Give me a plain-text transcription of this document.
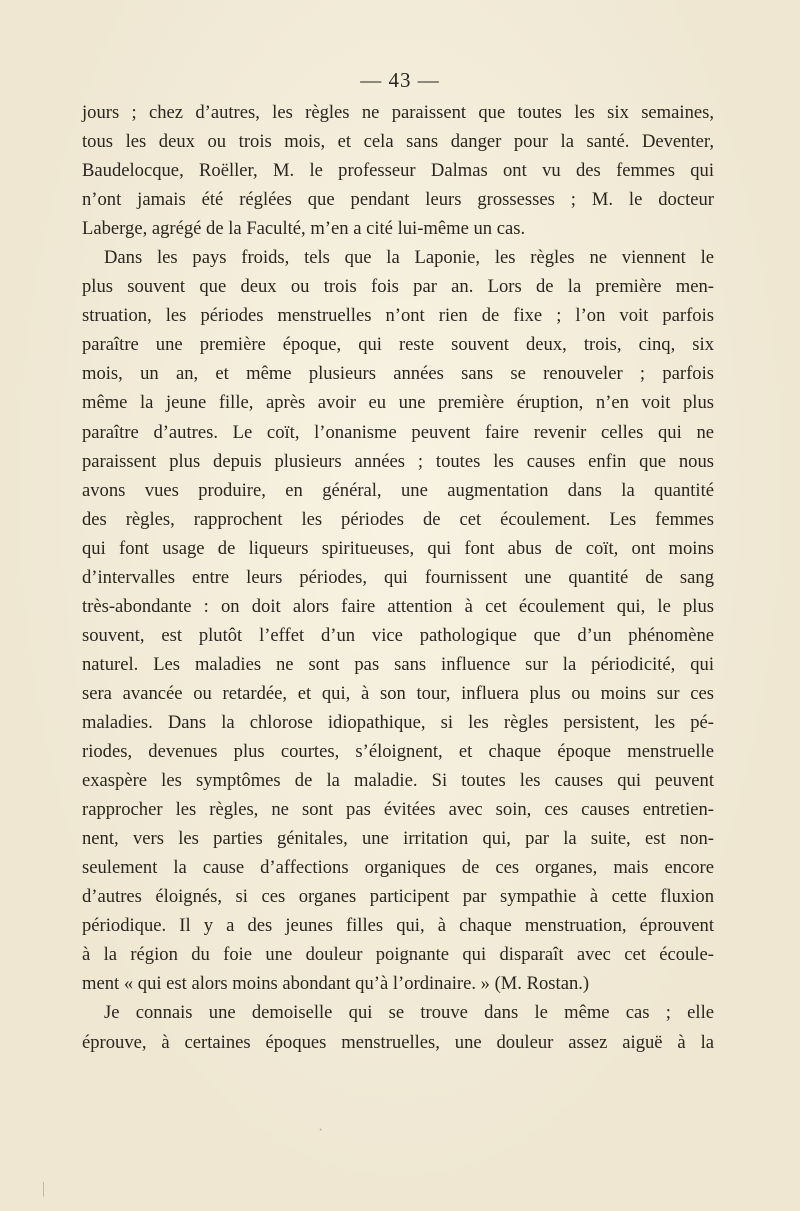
— 43 —
jours ; chez d’autres, les règles ne paraissent que toutes les six semaines,
tous les deux ou trois mois, et cela sans danger pour la santé. Deventer,
Baudelocque, Roëller, M. le professeur Dalmas ont vu des femmes qui
n’ont jamais été réglées que pendant leurs grossesses ; M. le docteur
Laberge, agrégé de la Faculté, m’en a cité lui-même un cas.
Dans les pays froids, tels que la Laponie, les règles ne viennent le
plus souvent que deux ou trois fois par an. Lors de la première men-
struation, les périodes menstruelles n’ont rien de fixe ; l’on voit parfois
paraître une première époque, qui reste souvent deux, trois, cinq, six
mois, un an, et même plusieurs années sans se renouveler ; parfois
même la jeune fille, après avoir eu une première éruption, n’en voit plus
paraître d’autres. Le coït, l’onanisme peuvent faire revenir celles qui ne
paraissent plus depuis plusieurs années ; toutes les causes enfin que nous
avons vues produire, en général, une augmentation dans la quantité
des règles, rapprochent les périodes de cet écoulement. Les femmes
qui font usage de liqueurs spiritueuses, qui font abus de coït, ont moins
d’intervalles entre leurs périodes, qui fournissent une quantité de sang
très-abondante : on doit alors faire attention à cet écoulement qui, le plus
souvent, est plutôt l’effet d’un vice pathologique que d’un phénomène
naturel. Les maladies ne sont pas sans influence sur la périodicité, qui
sera avancée ou retardée, et qui, à son tour, influera plus ou moins sur ces
maladies. Dans la chlorose idiopathique, si les règles persistent, les pé-
riodes, devenues plus courtes, s’éloignent, et chaque époque menstruelle
exaspère les symptômes de la maladie. Si toutes les causes qui peuvent
rapprocher les règles, ne sont pas évitées avec soin, ces causes entretien-
nent, vers les parties génitales, une irritation qui, par la suite, est non-
seulement la cause d’affections organiques de ces organes, mais encore
d’autres éloignés, si ces organes participent par sympathie à cette fluxion
périodique. Il y a des jeunes filles qui, à chaque menstruation, éprouvent
à la région du foie une douleur poignante qui disparaît avec cet écoule-
ment « qui est alors moins abondant qu’à l’ordinaire. » (M. Rostan.)
Je connais une demoiselle qui se trouve dans le même cas ; elle
éprouve, à certaines époques menstruelles, une douleur assez aiguë à la
·
|
